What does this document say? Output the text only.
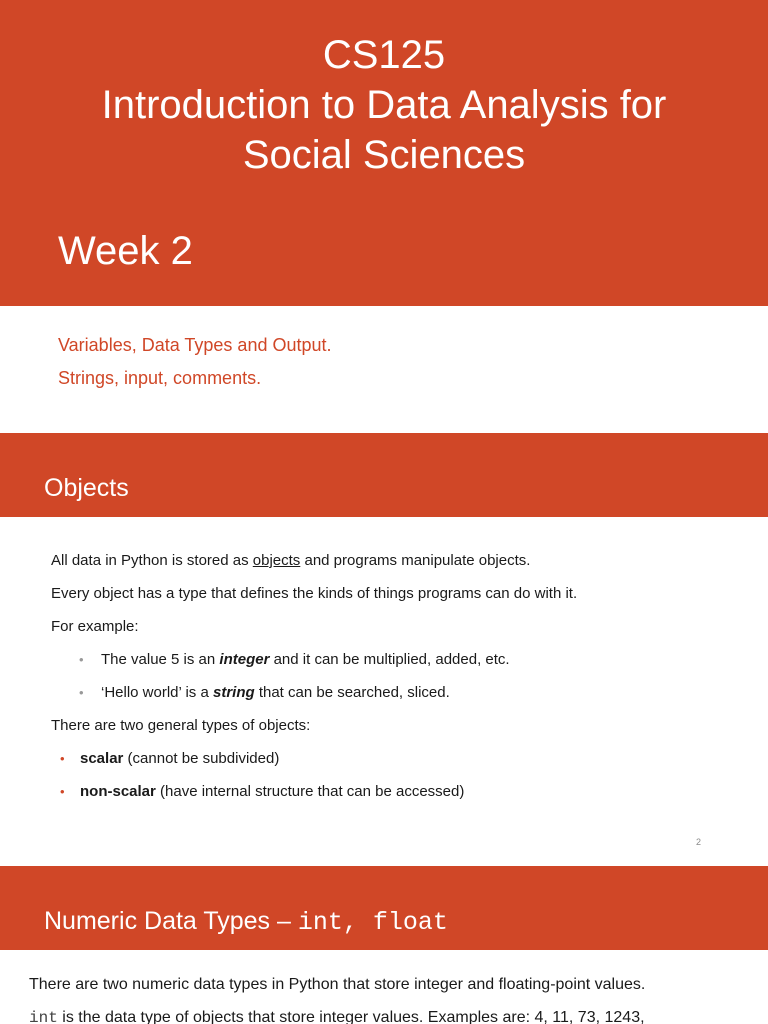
CS125
Introduction to Data Analysis for
Social Sciences
Week 2
Variables, Data Types and Output.
Strings, input, comments.
Objects
All data in Python is stored as objects and programs manipulate objects.
Every object has a type that defines the kinds of things programs can do with it.
For example:
• The value 5 is an integer and it can be multiplied, added, etc.
• ‘Hello world’ is a string that can be searched, sliced.
There are two general types of objects:
• scalar (cannot be subdivided)
• non-scalar (have internal structure that can be accessed)
2
Numeric Data Types – int, float
There are two numeric data types in Python that store integer and floating-point values.
int is the data type of objects that store integer values. Examples are: 4, 11, 73, 1243,
